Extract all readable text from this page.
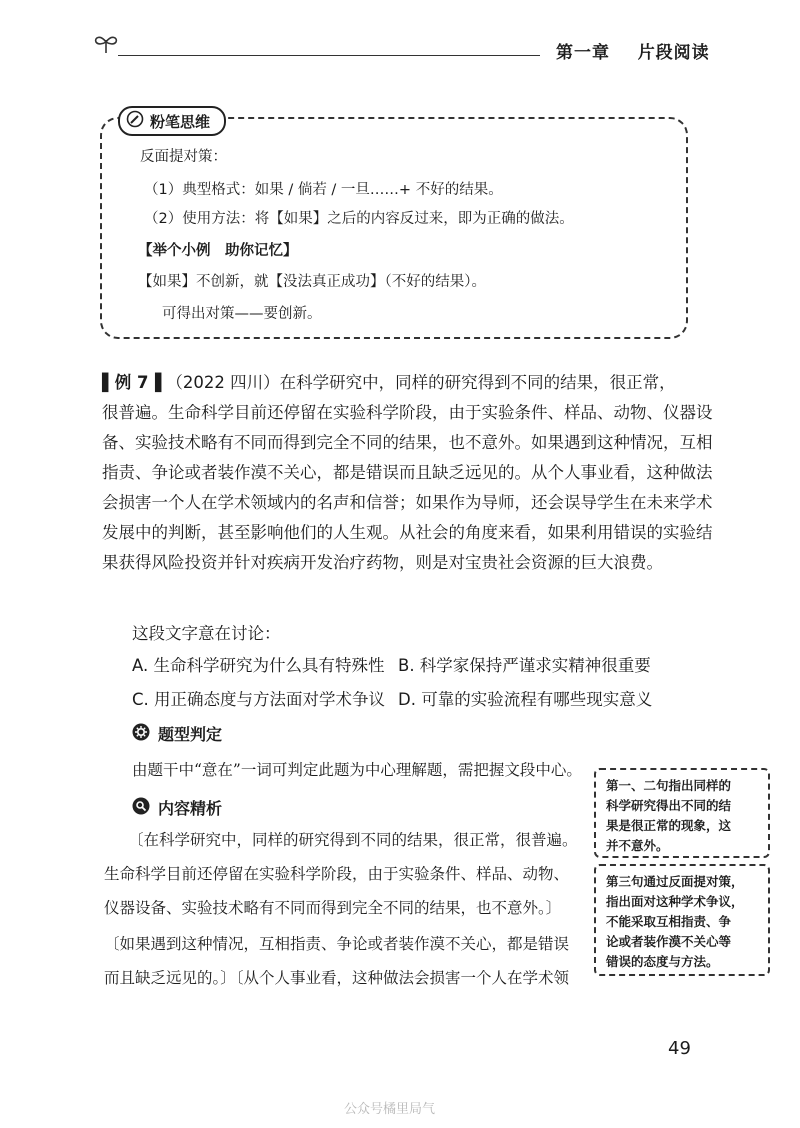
第一章 片段阅读
粉笔思维
反面提对策：
（1）典型格式：如果 / 倘若 / 一旦……+ 不好的结果。
（2）使用方法：将【如果】之后的内容反过来，即为正确的做法。
【举个小例　助你记忆】
【如果】不创新，就【没法真正成功】（不好的结果）。
可得出对策——要创新。
▌例 7▐ （2022 四川）在科学研究中，同样的研究得到不同的结果，很正常，
很普遍。生命科学目前还停留在实验科学阶段，由于实验条件、样品、动物、仪器设
备、实验技术略有不同而得到完全不同的结果，也不意外。如果遇到这种情况，互相
指责、争论或者装作漠不关心，都是错误而且缺乏远见的。从个人事业看，这种做法
会损害一个人在学术领域内的名声和信誉；如果作为导师，还会误导学生在未来学术
发展中的判断，甚至影响他们的人生观。从社会的角度来看，如果利用错误的实验结
果获得风险投资并针对疾病开发治疗药物，则是对宝贵社会资源的巨大浪费。
这段文字意在讨论：
A. 生命科学研究为什么具有特殊性 B. 科学家保持严谨求实精神很重要
C. 用正确态度与方法面对学术争议 D. 可靠的实验流程有哪些现实意义
题型判定
由题干中“意在”一词可判定此题为中心理解题，需把握文段中心。
内容精析
〔在科学研究中，同样的研究得到不同的结果，很正常，很普遍。
生命科学目前还停留在实验科学阶段，由于实验条件、样品、动物、
仪器设备、实验技术略有不同而得到完全不同的结果，也不意外。〕
〔如果遇到这种情况，互相指责、争论或者装作漠不关心，都是错误
而且缺乏远见的。〕〔从个人事业看，这种做法会损害一个人在学术领
第一、二句指出同样的
科学研究得出不同的结
果是很正常的现象，这
并不意外。
第三句通过反面提对策，
指出面对这种学术争议，
不能采取互相指责、争
论或者装作漠不关心等
错误的态度与方法。
49
公众号橘里局气
